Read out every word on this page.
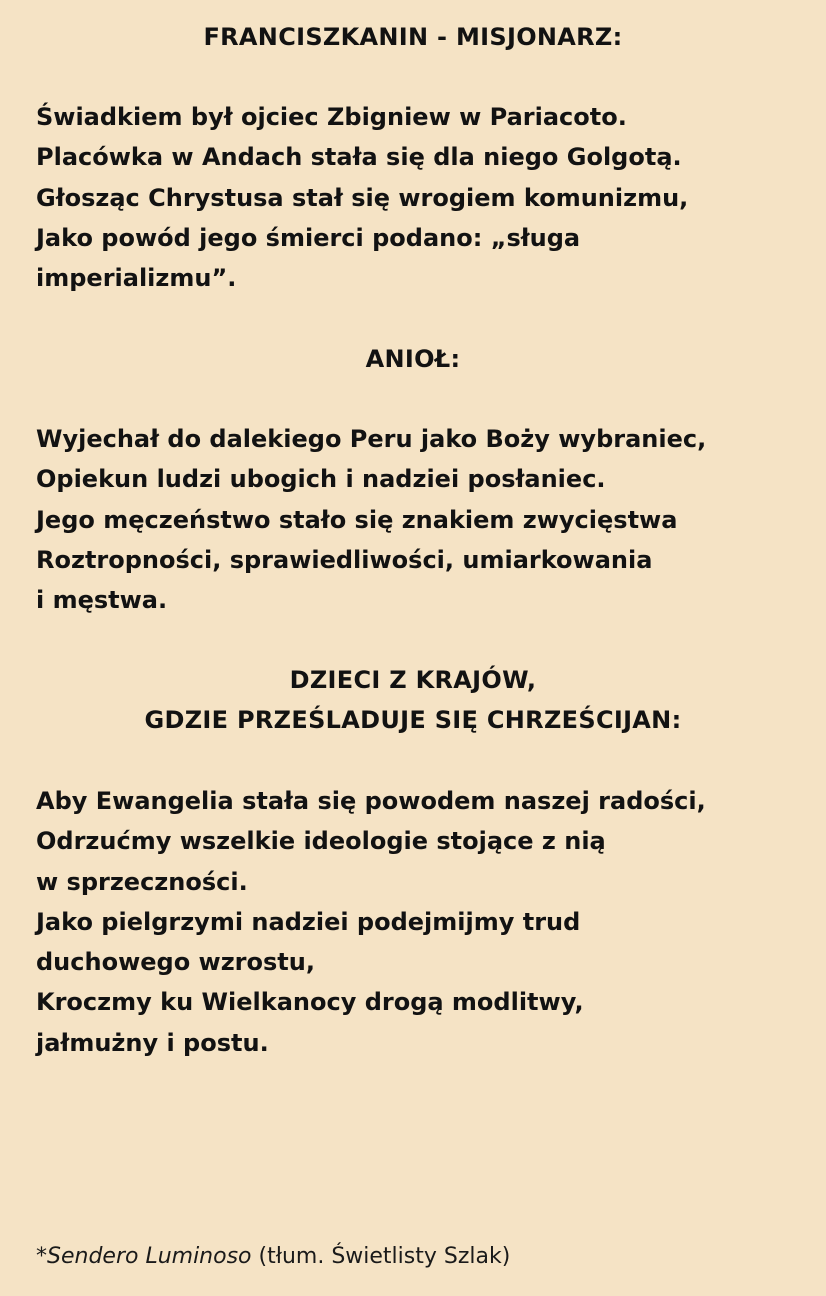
FRANCISZKANIN - MISJONARZ:
Świadkiem był ojciec Zbigniew w Pariacoto.
Placówka w Andach stała się dla niego Golgotą.
Głosząc Chrystusa stał się wrogiem komunizmu,
Jako powód jego śmierci podano: „sługa
imperializmu”.
ANIOŁ:
Wyjechał do dalekiego Peru jako Boży wybraniec,
Opiekun ludzi ubogich i nadziei posłaniec.
Jego męczeństwo stało się znakiem zwycięstwa
Roztropności, sprawiedliwości, umiarkowania
i męstwa.
DZIECI Z KRAJÓW,
GDZIE PRZEŚLADUJE SIĘ CHRZEŚCIJAN:
Aby Ewangelia stała się powodem naszej radości,
Odrzućmy wszelkie ideologie stojące z nią
w sprzeczności.
Jako pielgrzymi nadziei podejmijmy trud
duchowego wzrostu,
Kroczmy ku Wielkanocy drogą modlitwy,
jałmużny i postu.
*Sendero Luminoso (tłum. Świetlisty Szlak)
